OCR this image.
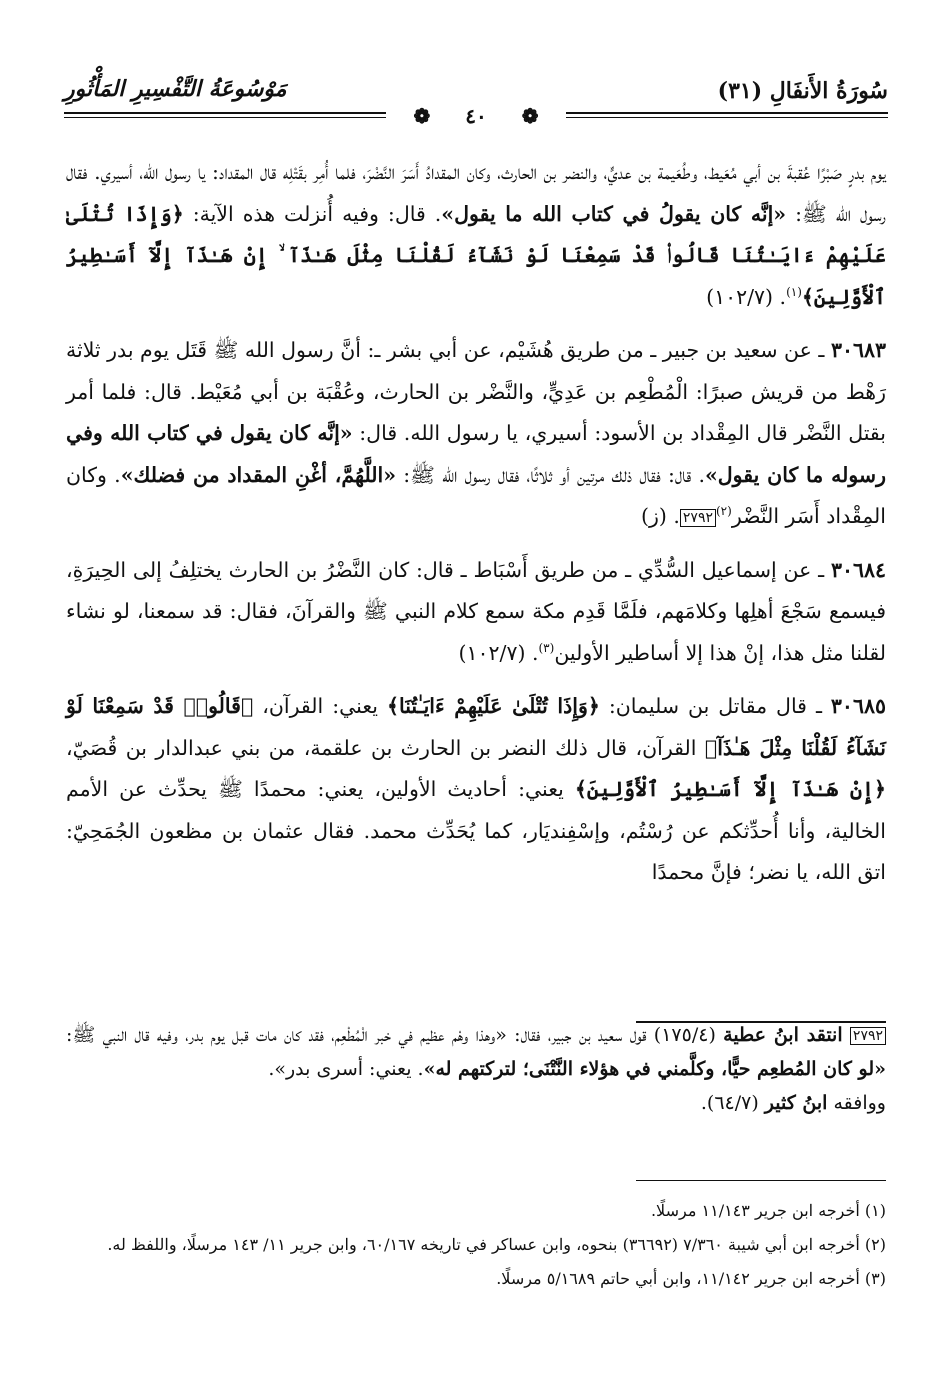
سُورَةُ الأَنفَالِ (٣١)
مَوْسُوعَةُ التَّفْسِيرِ المَأْثُورِ
❁ ٤٠ ❁

يوم بدرٍ صَبْرًا عُقبةَ بن أبي مُعَيط، وطُعَيمة بن عديٍّ، والنضر بن الحارث، وكان المقدادُ أَسَرَ النَّضْرَ، فلما أُمِر بقَتْلِه قال المقداد: يا رسول الله، أسيري. فقال رسول الله ﷺ: «إنَّه كان يقولُ في كتاب الله ما يقول». قال: وفيه أُنزلت هذه الآية: ﴿وَإِذَا تُتْلَىٰ عَلَيْهِمْ ءَايَـٰتُنَا قَالُوا۟ قَدْ سَمِعْنَا لَوْ نَشَآءُ لَقُلْنَا مِثْلَ هَـٰذَآ ۙ إِنْ هَـٰذَآ إِلَّآ أَسَـٰطِيرُ ٱلْأَوَّلِينَ﴾$^{(١)}$. (١٠٢/٧)

٣٠٦٨٣ ـ عن سعيد بن جبير ـ من طريق هُشَيْم، عن أبي بشر ـ: أنَّ رسول الله ﷺ قَتَل يوم بدر ثلاثة رَهْط من قريش صبرًا: الْمُطْعِم بن عَدِيٍّ، والنَّضْر بن الحارث، وعُقْبَة بن أبي مُعَيْط. قال: فلما أمر بقتل النَّضْر قال المِقْداد بن الأسود: أسيري، يا رسول الله. قال: «إنَّه كان يقول في كتاب الله وفي رسوله ما كان يقول». قال: فقال ذلك مرتين أو ثلاثًا، فقال رسول الله ﷺ: «اللَّهُمَّ، أغْنِ المقداد من فضلك». وكان المِقْداد أَسَر النَّضْر$^{(٢)}$٢٧٩٢. (ز)

٣٠٦٨٤ ـ عن إسماعيل السُّدِّي ـ من طريق أَسْبَاط ـ قال: كان النَّضْرُ بن الحارث يختلِفُ إلى الحِيرَةِ، فيسمع سَجْعَ أهلِها وكلامَهم، فلَمَّا قَدِم مكة سمع كلام النبي ﷺ والقرآنَ، فقال: قد سمعنا، لو نشاء لقلنا مثل هذا، إنْ هذا إلا أساطير الأولين$^{(٣)}$. (١٠٢/٧)

٣٠٦٨٥ ـ قال مقاتل بن سليمان: ﴿وَإِذَا تُتْلَىٰ عَلَيْهِمْ ءَايَـٰتُنَا﴾ يعني: القرآن، ﴿قَالُوا۟ قَدْ سَمِعْنَا لَوْ نَشَآءُ لَقُلْنَا مِثْلَ هَـٰذَآ﴾ القرآن، قال ذلك النضر بن الحارث بن علقمة، من بني عبدالدار بن قُصَيّ، ﴿إِنْ هَـٰذَآ إِلَّآ أَسَـٰطِيرُ ٱلْأَوَّلِينَ﴾ يعني: أحاديث الأولين، يعني: محمدًا ﷺ يحدِّث عن الأمم الخالية، وأنا أُحدِّثكم عن رُسْتُم، وإسْفِنديَار، كما يُحَدِّث محمد. فقال عثمان بن مظعون الجُمَحِيّ: اتق الله، يا نضر؛ فإنَّ محمدًا

٢٧٩٢ انتقد ابنُ عطية (١٧٥/٤) قول سعيد بن جبير، فقال: «وهذا وهْم عظيم في خبر الْمُطْعِم، فقد كان مات قبل يوم بدر، وفيه قال النبي ﷺ: «لو كان المُطعِم حيًّا، وكلَّمني في هؤلاء النَّتْنَى؛ لتركتهم له». يعني: أسرى بدر».
ووافقه ابنُ كثير (٦٤/٧).
(١) أخرجه ابن جرير ١١/١٤٣ مرسلًا.
(٢) أخرجه ابن أبي شيبة ٧/٣٦٠ (٣٦٦٩٢) بنحوه، وابن عساكر في تاريخه ٦٠/١٦٧، وابن جرير ١١/ ١٤٣ مرسلًا، واللفظ له.
(٣) أخرجه ابن جرير ١١/١٤٢، وابن أبي حاتم ٥/١٦٨٩ مرسلًا.
